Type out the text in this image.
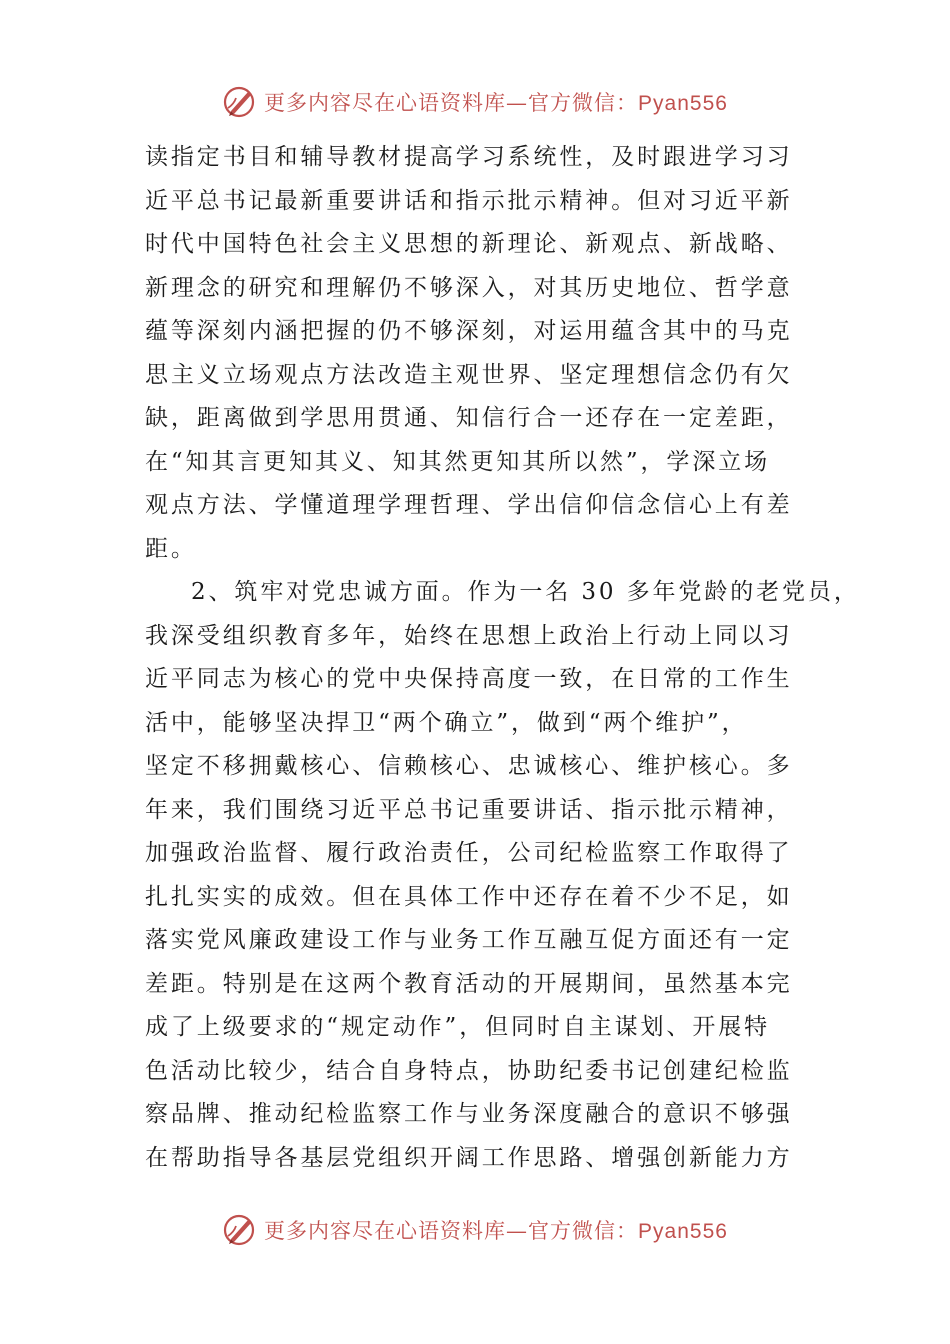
更多内容尽在心语资料库—官方微信：Pyan556
读指定书目和辅导教材提高学习系统性，及时跟进学习习
近平总书记最新重要讲话和指示批示精神。但对习近平新
时代中国特色社会主义思想的新理论、新观点、新战略、
新理念的研究和理解仍不够深入，对其历史地位、哲学意
蕴等深刻内涵把握的仍不够深刻，对运用蕴含其中的马克
思主义立场观点方法改造主观世界、坚定理想信念仍有欠
缺，距离做到学思用贯通、知信行合一还存在一定差距，
在“知其言更知其义、知其然更知其所以然”，学深立场
观点方法、学懂道理学理哲理、学出信仰信念信心上有差
距。
2、筑牢对党忠诚方面。作为一名 30 多年党龄的老党员，
我深受组织教育多年，始终在思想上政治上行动上同以习
近平同志为核心的党中央保持高度一致，在日常的工作生
活中，能够坚决捍卫“两个确立”，做到“两个维护”，
坚定不移拥戴核心、信赖核心、忠诚核心、维护核心。多
年来，我们围绕习近平总书记重要讲话、指示批示精神，
加强政治监督、履行政治责任，公司纪检监察工作取得了
扎扎实实的成效。但在具体工作中还存在着不少不足，如
落实党风廉政建设工作与业务工作互融互促方面还有一定
差距。特别是在这两个教育活动的开展期间，虽然基本完
成了上级要求的“规定动作”，但同时自主谋划、开展特
色活动比较少，结合自身特点，协助纪委书记创建纪检监
察品牌、推动纪检监察工作与业务深度融合的意识不够强
在帮助指导各基层党组织开阔工作思路、增强创新能力方
更多内容尽在心语资料库—官方微信：Pyan556
